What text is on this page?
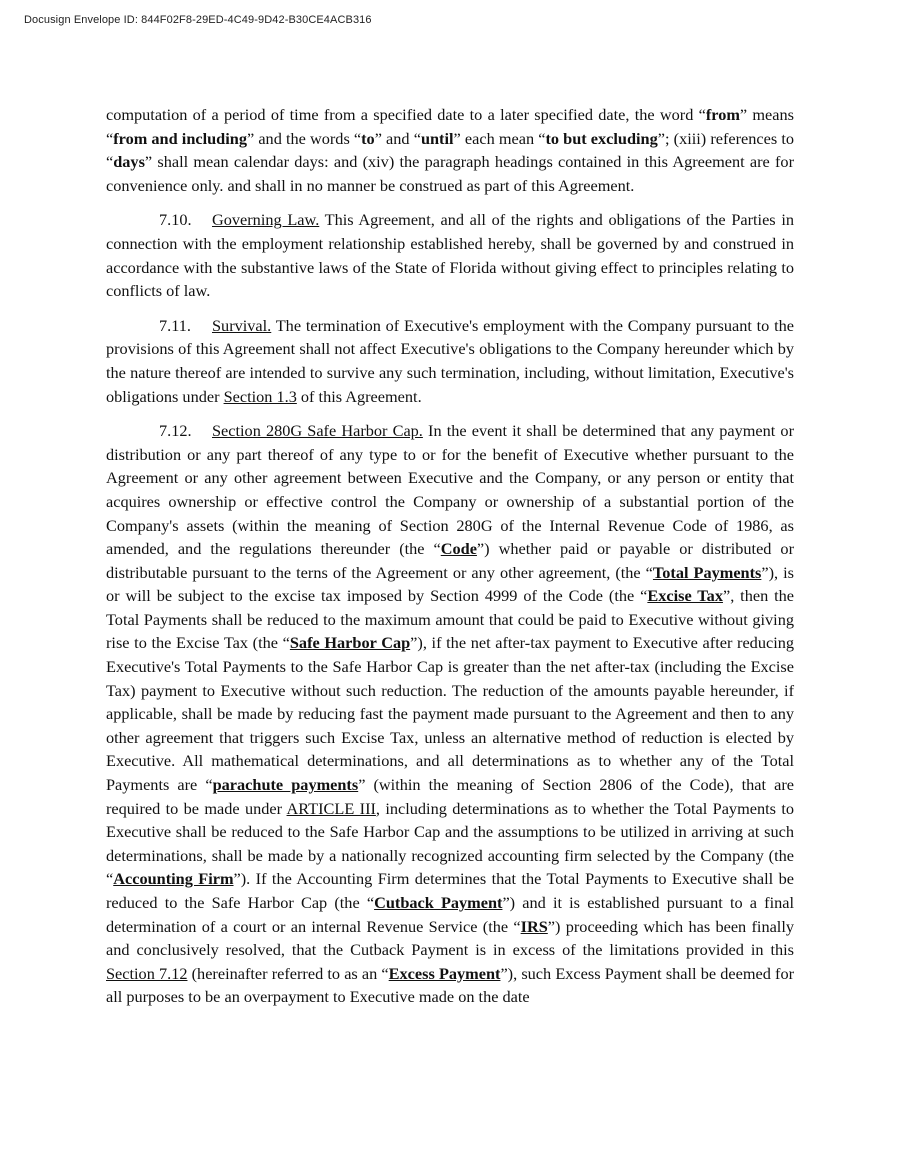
Docusign Envelope ID: 844F02F8-29ED-4C49-9D42-B30CE4ACB316

computation of a period of time from a specified date to a later specified date, the word “from” means “from and including” and the words “to” and “until” each mean “to but excluding”; (xiii) references to “days” shall mean calendar days: and (xiv) the paragraph headings contained in this Agreement are for convenience only. and shall in no manner be construed as part of this Agreement.

7.10. Governing Law. This Agreement, and all of the rights and obligations of the Parties in connection with the employment relationship established hereby, shall be governed by and construed in accordance with the substantive laws of the State of Florida without giving effect to principles relating to conflicts of law.

7.11. Survival. The termination of Executive's employment with the Company pursuant to the provisions of this Agreement shall not affect Executive's obligations to the Company hereunder which by the nature thereof are intended to survive any such termination, including, without limitation, Executive's obligations under Section 1.3 of this Agreement.

7.12. Section 280G Safe Harbor Cap. In the event it shall be determined that any payment or distribution or any part thereof of any type to or for the benefit of Executive whether pursuant to the Agreement or any other agreement between Executive and the Company, or any person or entity that acquires ownership or effective control the Company or ownership of a substantial portion of the Company's assets (within the meaning of Section 280G of the Internal Revenue Code of 1986, as amended, and the regulations thereunder (the “Code”) whether paid or payable or distributed or distributable pursuant to the terns of the Agreement or any other agreement, (the “Total Payments”), is or will be subject to the excise tax imposed by Section 4999 of the Code (the “Excise Tax”, then the Total Payments shall be reduced to the maximum amount that could be paid to Executive without giving rise to the Excise Tax (the “Safe Harbor Cap”), if the net after-tax payment to Executive after reducing Executive's Total Payments to the Safe Harbor Cap is greater than the net after-tax (including the Excise Tax) payment to Executive without such reduction. The reduction of the amounts payable hereunder, if applicable, shall be made by reducing fast the payment made pursuant to the Agreement and then to any other agreement that triggers such Excise Tax, unless an alternative method of reduction is elected by Executive. All mathematical determinations, and all determinations as to whether any of the Total Payments are “parachute payments” (within the meaning of Section 2806 of the Code), that are required to be made under ARTICLE III, including determinations as to whether the Total Payments to Executive shall be reduced to the Safe Harbor Cap and the assumptions to be utilized in arriving at such determinations, shall be made by a nationally recognized accounting firm selected by the Company (the “Accounting Firm”). If the Accounting Firm determines that the Total Payments to Executive shall be reduced to the Safe Harbor Cap (the “Cutback Payment”) and it is established pursuant to a final determination of a court or an internal Revenue Service (the “IRS”) proceeding which has been finally and conclusively resolved, that the Cutback Payment is in excess of the limitations provided in this Section 7.12 (hereinafter referred to as an “Excess Payment”), such Excess Payment shall be deemed for all purposes to be an overpayment to Executive made on the date
